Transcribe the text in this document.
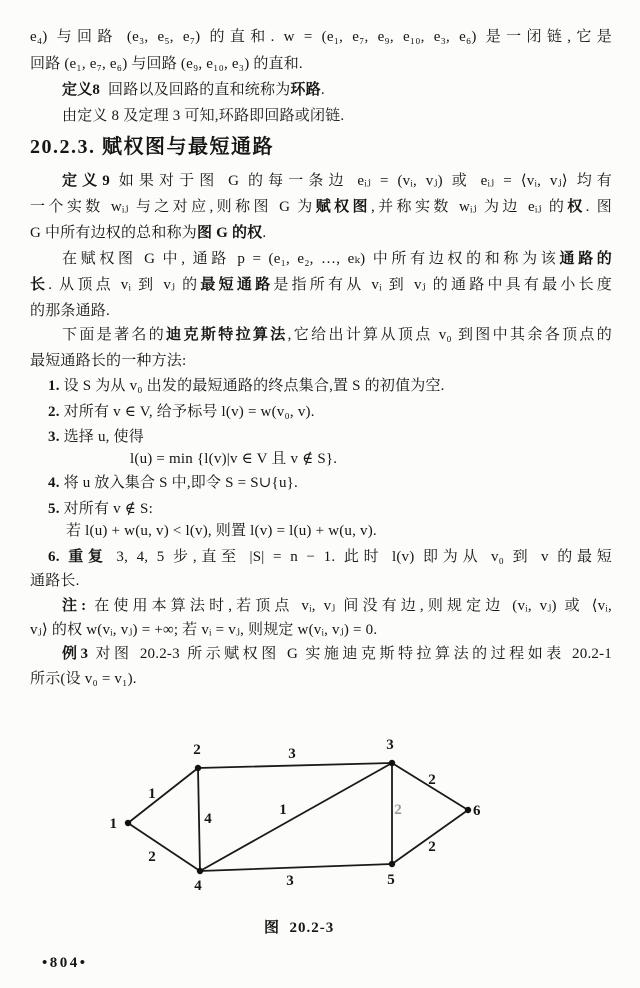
e₄) 与回路 (e₃, e₅, e₇) 的直和. w = (e₁, e₇, e₉, e₁₀, e₃, e₆) 是一闭链,它是
回路 (e₁, e₇, e₆) 与回路 (e₉, e₁₀, e₃) 的直和.
定义8  回路以及回路的直和统称为环路.
由定义 8 及定理 3 可知,环路即回路或闭链.
20.2.3. 赋权图与最短通路
定义9 如果对于图 G 的每一条边 eᵢⱼ = (vᵢ, vⱼ) 或 eᵢⱼ = ⟨vᵢ, vⱼ⟩ 均有
一个实数 wᵢⱼ 与之对应,则称图 G 为赋权图,并称实数 wᵢⱼ 为边 eᵢⱼ 的权. 图
G 中所有边权的总和称为图 G 的权.
在赋权图 G 中, 通路 p = (e₁, e₂, …, eₖ) 中所有边权的和称为该通路的
长. 从顶点 vᵢ 到 vⱼ 的最短通路是指所有从 vᵢ 到 vⱼ 的通路中具有最小长度
的那条通路.
下面是著名的迪克斯特拉算法,它给出计算从顶点 v₀ 到图中其余各顶点的
最短通路长的一种方法:
1. 设 S 为从 v₀ 出发的最短通路的终点集合,置 S 的初值为空.
2. 对所有 v ∈ V, 给予标号 l(v) = w(v₀, v).
3. 选择 u, 使得
l(u) = min {l(v)|v ∈ V 且 v ∉ S}.
4. 将 u 放入集合 S 中,即令 S = S∪{u}.
5. 对所有 v ∉ S:
若 l(u) + w(u, v) < l(v), 则置 l(v) = l(u) + w(u, v).
6. 重复 3, 4, 5 步,直至 |S| = n − 1. 此时 l(v) 即为从 v₀ 到 v 的最短
通路长.
注: 在使用本算法时,若顶点 vᵢ, vⱼ 间没有边,则规定边 (vᵢ, vⱼ) 或 ⟨vᵢ,
vⱼ⟩ 的权 w(vᵢ, vⱼ) = +∞; 若 vᵢ = vⱼ, 则规定 w(vᵢ, vⱼ) = 0.
例3 对图 20.2-3 所示赋权图 G 实施迪克斯特拉算法的过程如表 20.2-1
所示(设 v₀ = v₁).
1
2
3
4
1	2
2
3
2
1
2	3
4	5
6
图  20.2-3
•804•
